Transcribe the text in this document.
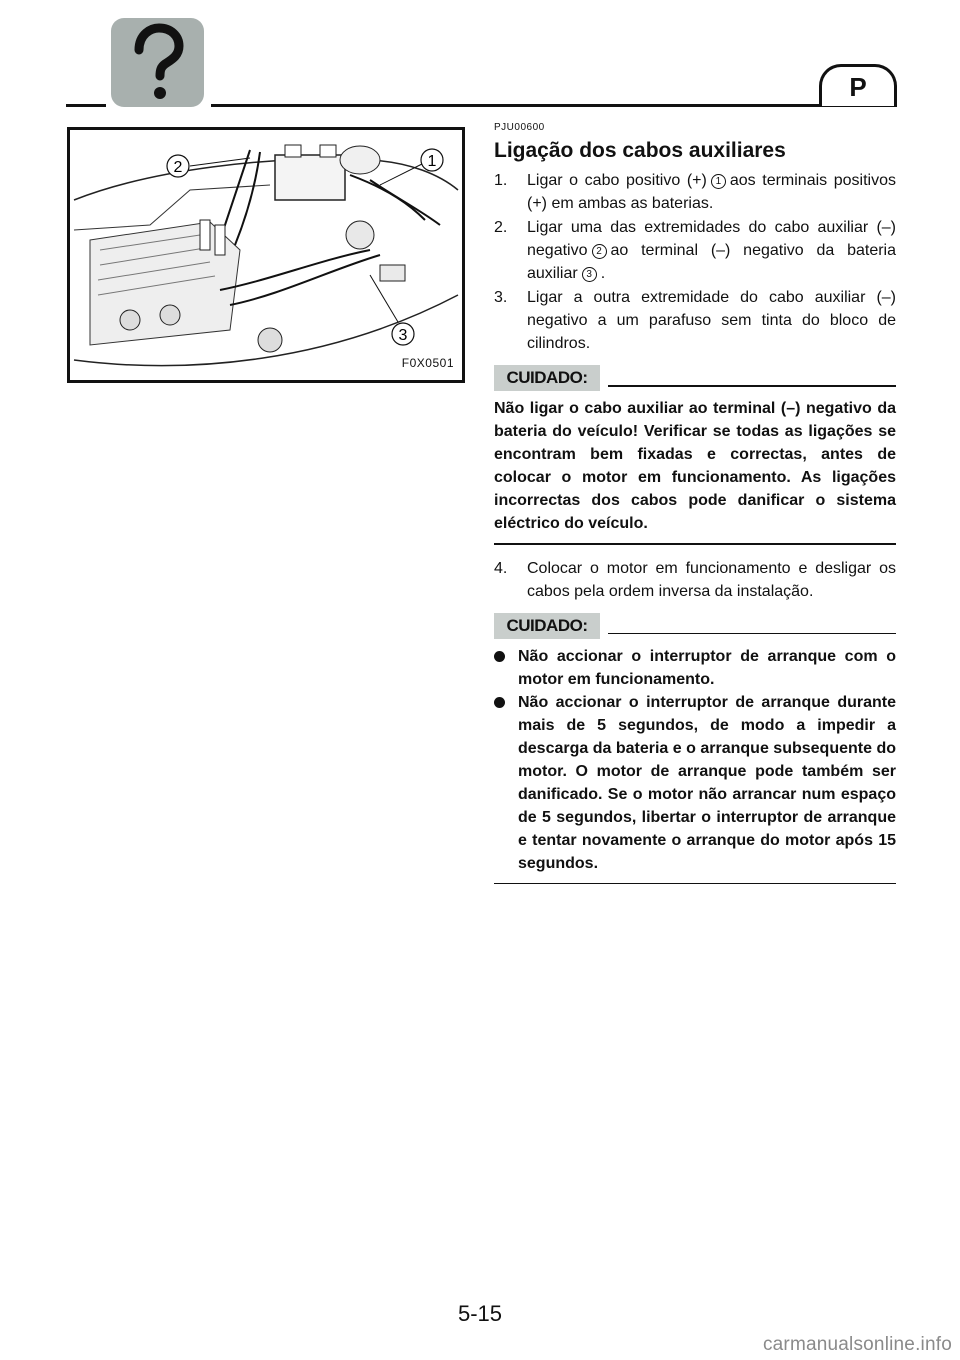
P
2	1
3
F0X0501
PJU00600
Ligação dos cabos auxiliares
1. Ligar o cabo positivo (+) 1 aos terminais positivos (+) em ambas as baterias.
2. Ligar uma das extremidades do cabo auxiliar (–) negativo 2 ao terminal (–) negativo da bateria auxiliar 3 .
3. Ligar a outra extremidade do cabo auxiliar (–) negativo a um parafuso sem tinta do bloco de cilindros.
CUIDADO:

Não ligar o cabo auxiliar ao terminal (–) negativo da bateria do veículo! Verificar se todas as ligações se encontram bem fixadas e correctas, antes de colocar o motor em funcionamento. As ligações incorrectas dos cabos pode danificar o sistema eléctrico do veículo.

4. Colocar o motor em funcionamento e desligar os cabos pela ordem inversa da instalação.
CUIDADO:
Não accionar o interruptor de arranque com o motor em funcionamento.
Não accionar o interruptor de arranque durante mais de 5 segundos, de modo a impedir a descarga da bateria e o arranque subsequente do motor. O motor de arranque pode também ser danificado. Se o motor não arrancar num espaço de 5 segundos, libertar o interruptor de arranque e tentar novamente o arranque do motor após 15 segundos.
5-15
carmanualsonline.info
